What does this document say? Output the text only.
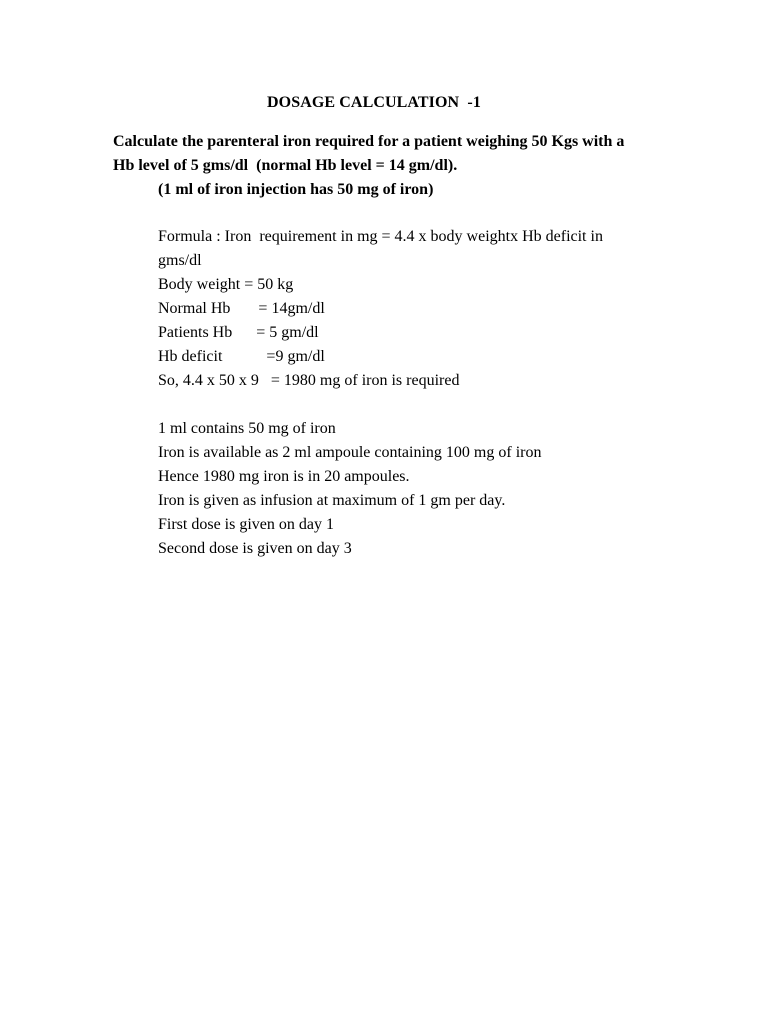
DOSAGE CALCULATION  -1
Calculate the parenteral iron required for a patient weighing 50 Kgs with a
Hb level of 5 gms/dl  (normal Hb level = 14 gm/dl).
(1 ml of iron injection has 50 mg of iron)
Formula : Iron  requirement in mg = 4.4 x body weightx Hb deficit in
gms/dl
Body weight = 50 kg
Normal Hb       = 14gm/dl
Patients Hb      = 5 gm/dl
Hb deficit           =9 gm/dl
So, 4.4 x 50 x 9   = 1980 mg of iron is required
1 ml contains 50 mg of iron
Iron is available as 2 ml ampoule containing 100 mg of iron
Hence 1980 mg iron is in 20 ampoules.
Iron is given as infusion at maximum of 1 gm per day.
First dose is given on day 1
Second dose is given on day 3
